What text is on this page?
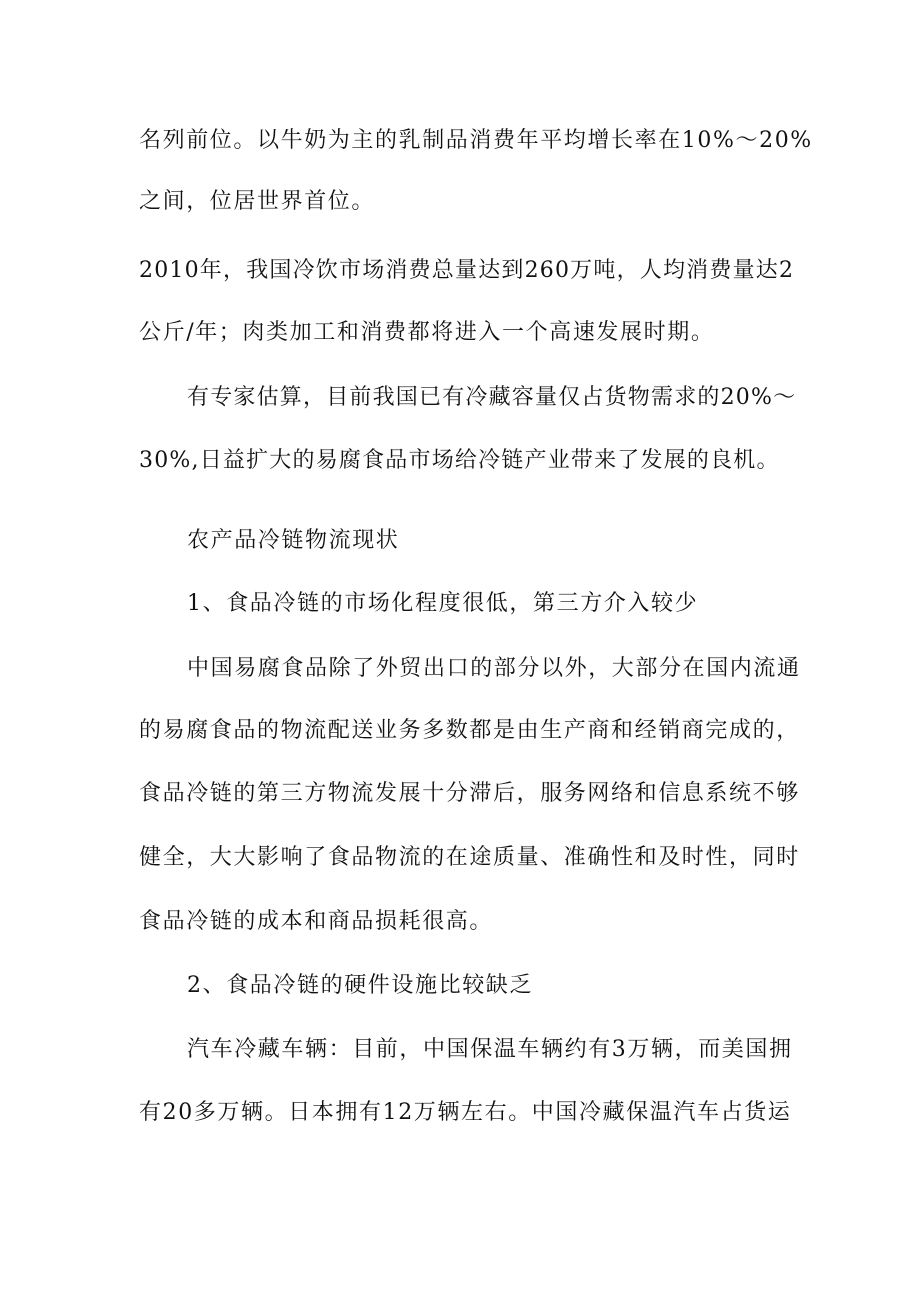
名列前位。以牛奶为主的乳制品消费年平均增长率在10%～20%
之间，位居世界首位。
2010年，我国冷饮市场消费总量达到260万吨，人均消费量达2
公斤/年；肉类加工和消费都将进入一个高速发展时期。
有专家估算，目前我国已有冷藏容量仅占货物需求的20%～
30%,日益扩大的易腐食品市场给冷链产业带来了发展的良机。
农产品冷链物流现状
1、食品冷链的市场化程度很低，第三方介入较少
中国易腐食品除了外贸出口的部分以外，大部分在国内流通
的易腐食品的物流配送业务多数都是由生产商和经销商完成的，
食品冷链的第三方物流发展十分滞后，服务网络和信息系统不够
健全，大大影响了食品物流的在途质量、准确性和及时性，同时
食品冷链的成本和商品损耗很高。
2、食品冷链的硬件设施比较缺乏
汽车冷藏车辆：目前，中国保温车辆约有3万辆，而美国拥
有20多万辆。日本拥有12万辆左右。中国冷藏保温汽车占货运
